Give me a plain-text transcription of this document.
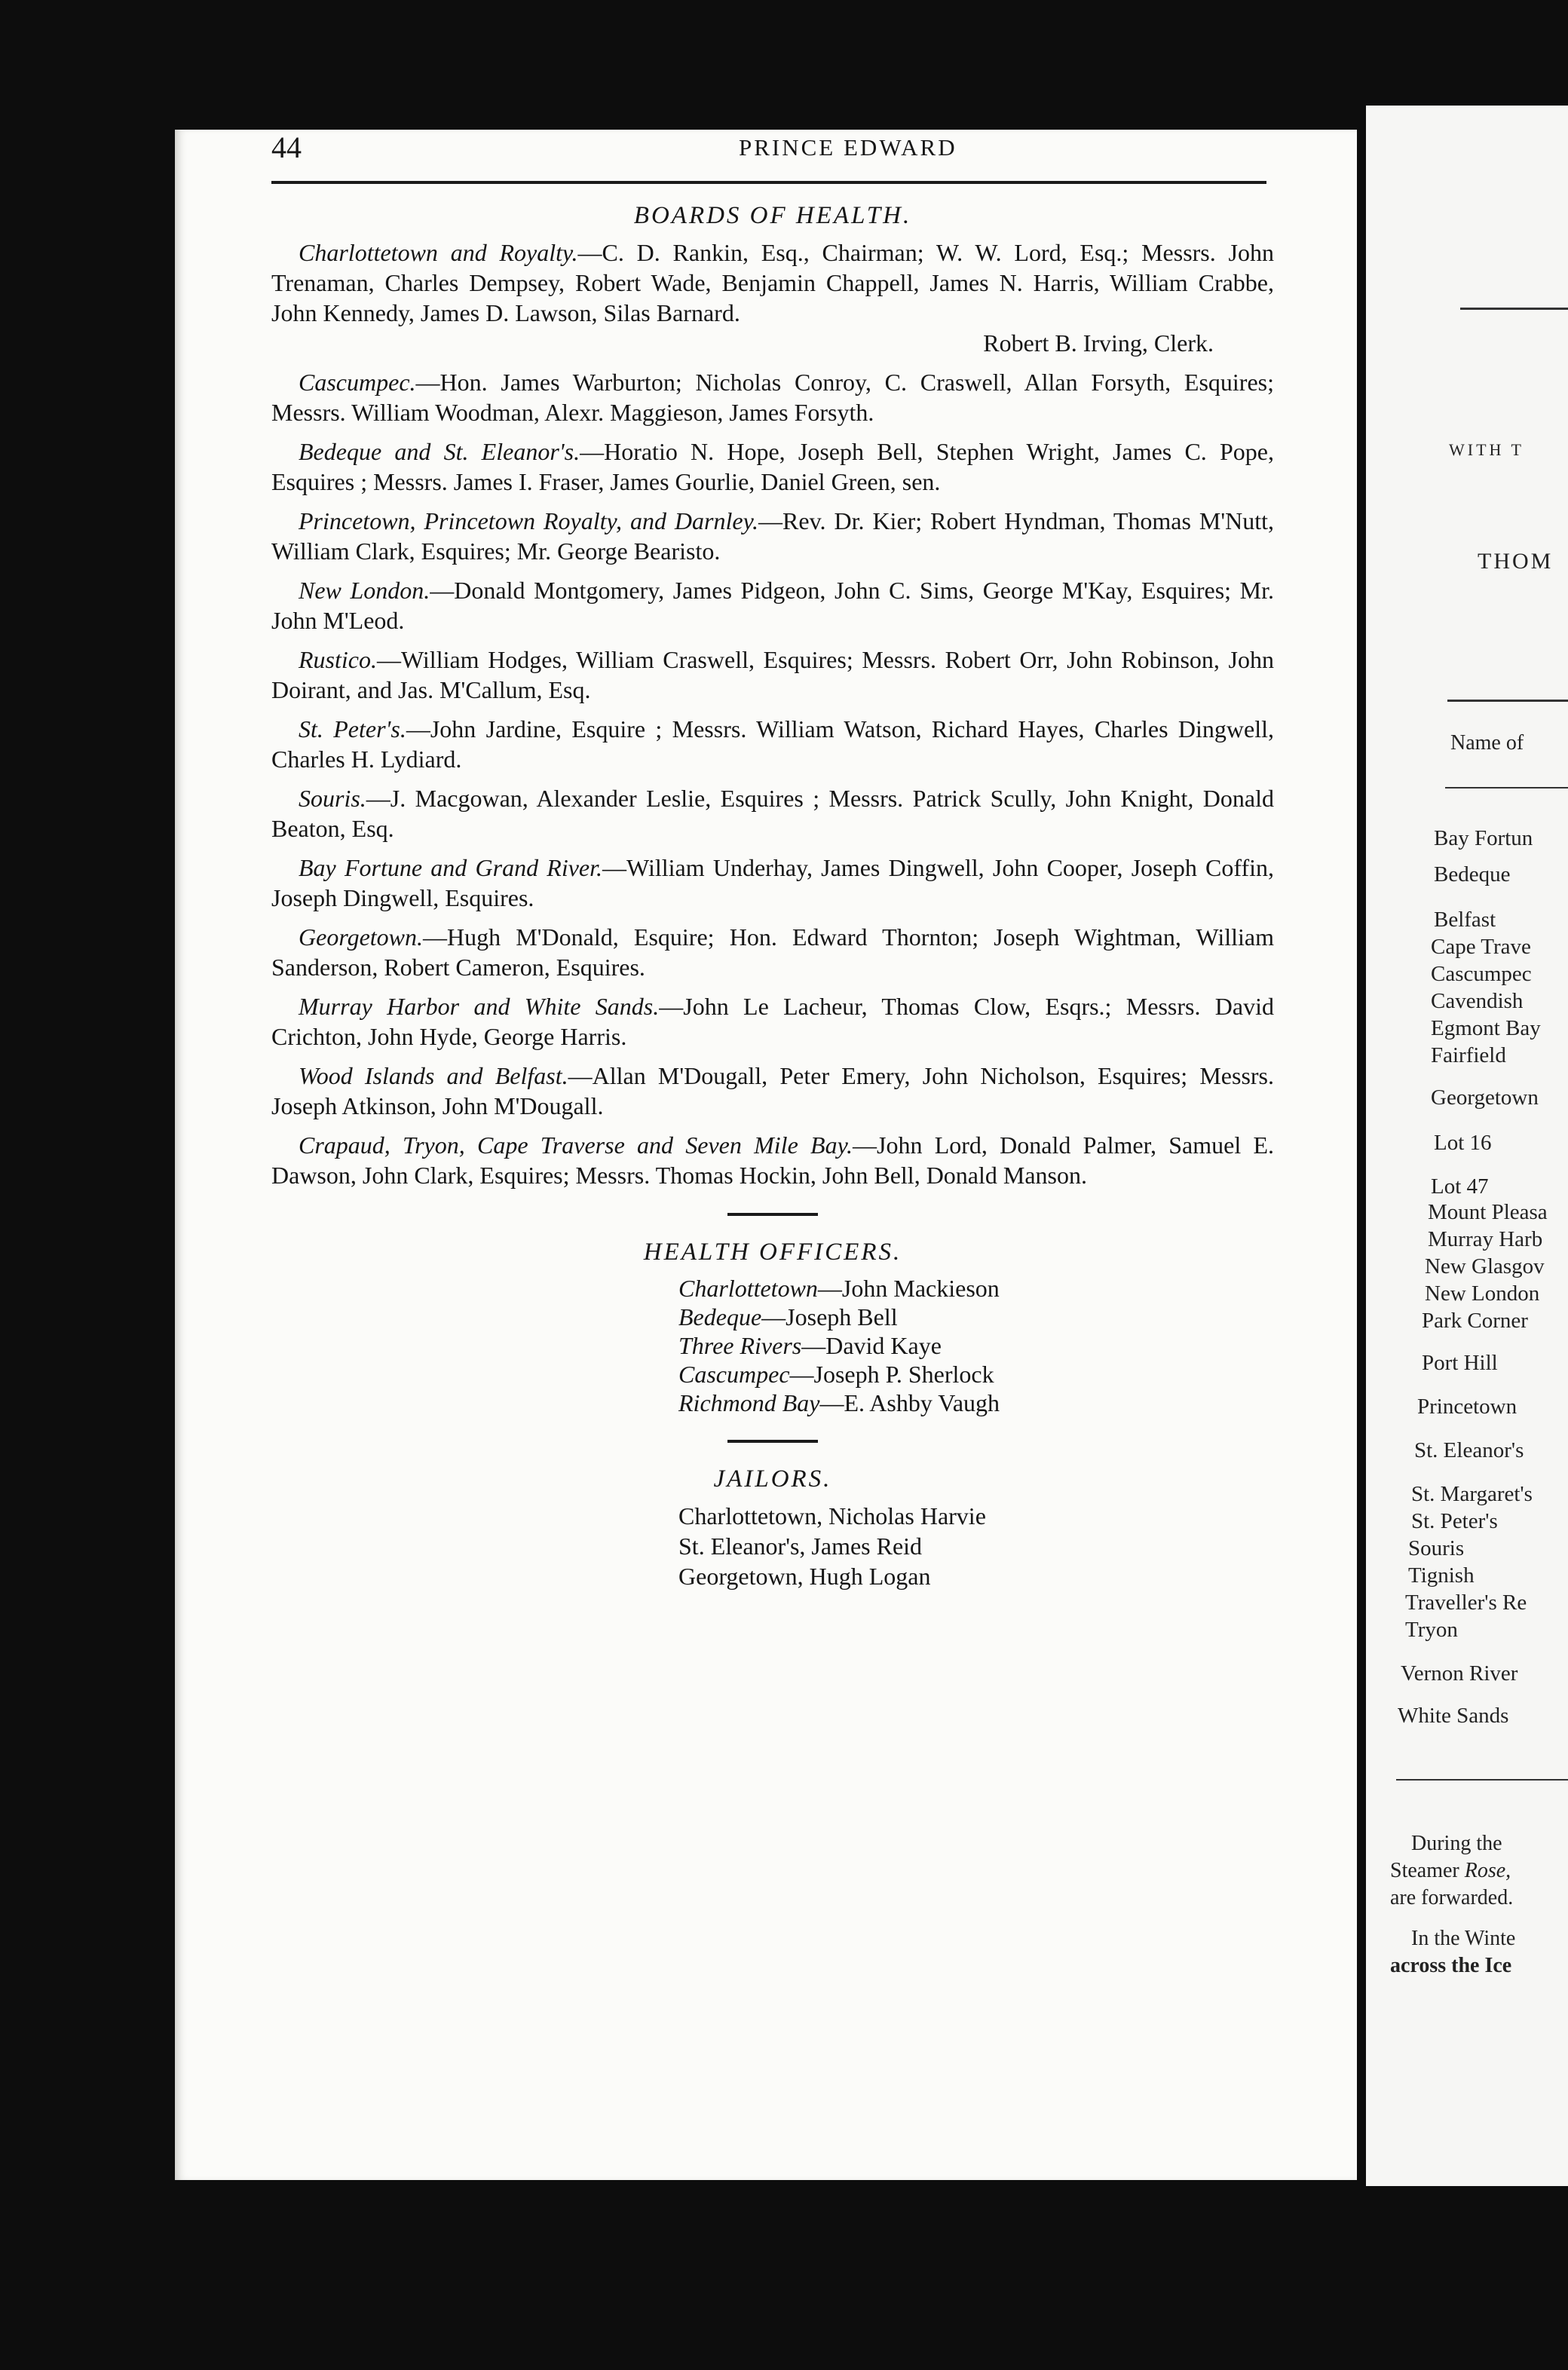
44	PRINCE EDWARD
BOARDS OF HEALTH.

Charlottetown and Royalty.—C. D. Rankin, Esq., Chairman; W. W. Lord, Esq.; Messrs. John Trenaman, Charles Dempsey, Robert Wade, Benjamin Chappell, James N. Harris, William Crabbe, John Kennedy, James D. Lawson, Silas Barnard.

Robert B. Irving, Clerk.

Cascumpec.—Hon. James Warburton; Nicholas Conroy, C. Craswell, Allan Forsyth, Esquires; Messrs. William Woodman, Alexr. Maggieson, James Forsyth.

Bedeque and St. Eleanor's.—Horatio N. Hope, Joseph Bell, Stephen Wright, James C. Pope, Esquires ; Messrs. James I. Fraser, James Gourlie, Daniel Green, sen.

Princetown, Princetown Royalty, and Darnley.—Rev. Dr. Kier; Robert Hyndman, Thomas M'Nutt, William Clark, Esquires; Mr. George Bearisto.

New London.—Donald Montgomery, James Pidgeon, John C. Sims, George M'Kay, Esquires; Mr. John M'Leod.

Rustico.—William Hodges, William Craswell, Esquires; Messrs. Robert Orr, John Robinson, John Doirant, and Jas. M'Callum, Esq.

St. Peter's.—John Jardine, Esquire ; Messrs. William Watson, Richard Hayes, Charles Dingwell, Charles H. Lydiard.

Souris.—J. Macgowan, Alexander Leslie, Esquires ; Messrs. Patrick Scully, John Knight, Donald Beaton, Esq.

Bay Fortune and Grand River.—William Underhay, James Dingwell, John Cooper, Joseph Coffin, Joseph Dingwell, Esquires.

Georgetown.—Hugh M'Donald, Esquire; Hon. Edward Thornton; Joseph Wightman, William Sanderson, Robert Cameron, Esquires.

Murray Harbor and White Sands.—John Le Lacheur, Thomas Clow, Esqrs.; Messrs. David Crichton, John Hyde, George Harris.

Wood Islands and Belfast.—Allan M'Dougall, Peter Emery, John Nicholson, Esquires; Messrs. Joseph Atkinson, John M'Dougall.

Crapaud, Tryon, Cape Traverse and Seven Mile Bay.—John Lord, Donald Palmer, Samuel E. Dawson, John Clark, Esquires; Messrs. Thomas Hockin, John Bell, Donald Manson.

HEALTH OFFICERS.
Charlottetown—John Mackieson
Bedeque—Joseph Bell
Three Rivers—David Kaye
Cascumpec—Joseph P. Sherlock
Richmond Bay—E. Ashby Vaugh
JAILORS.
Charlottetown, Nicholas Harvie
St. Eleanor's, James Reid
Georgetown, Hugh Logan
WITH T
THOM
Name of
Bay Fortun
Bedeque
Belfast
Cape Trave
Cascumpec
Cavendish
Egmont Bay
Fairfield
Georgetown
Lot 16
Lot 47
Mount Pleasa
Murray Harb
New Glasgov
New London
Park Corner
Port Hill
Princetown
St. Eleanor's
St. Margaret's
St. Peter's
Souris
Tignish
Traveller's Re
Tryon
Vernon River
White Sands
During the
Steamer Rose,
are forwarded.
In the Winte
across the Ice
